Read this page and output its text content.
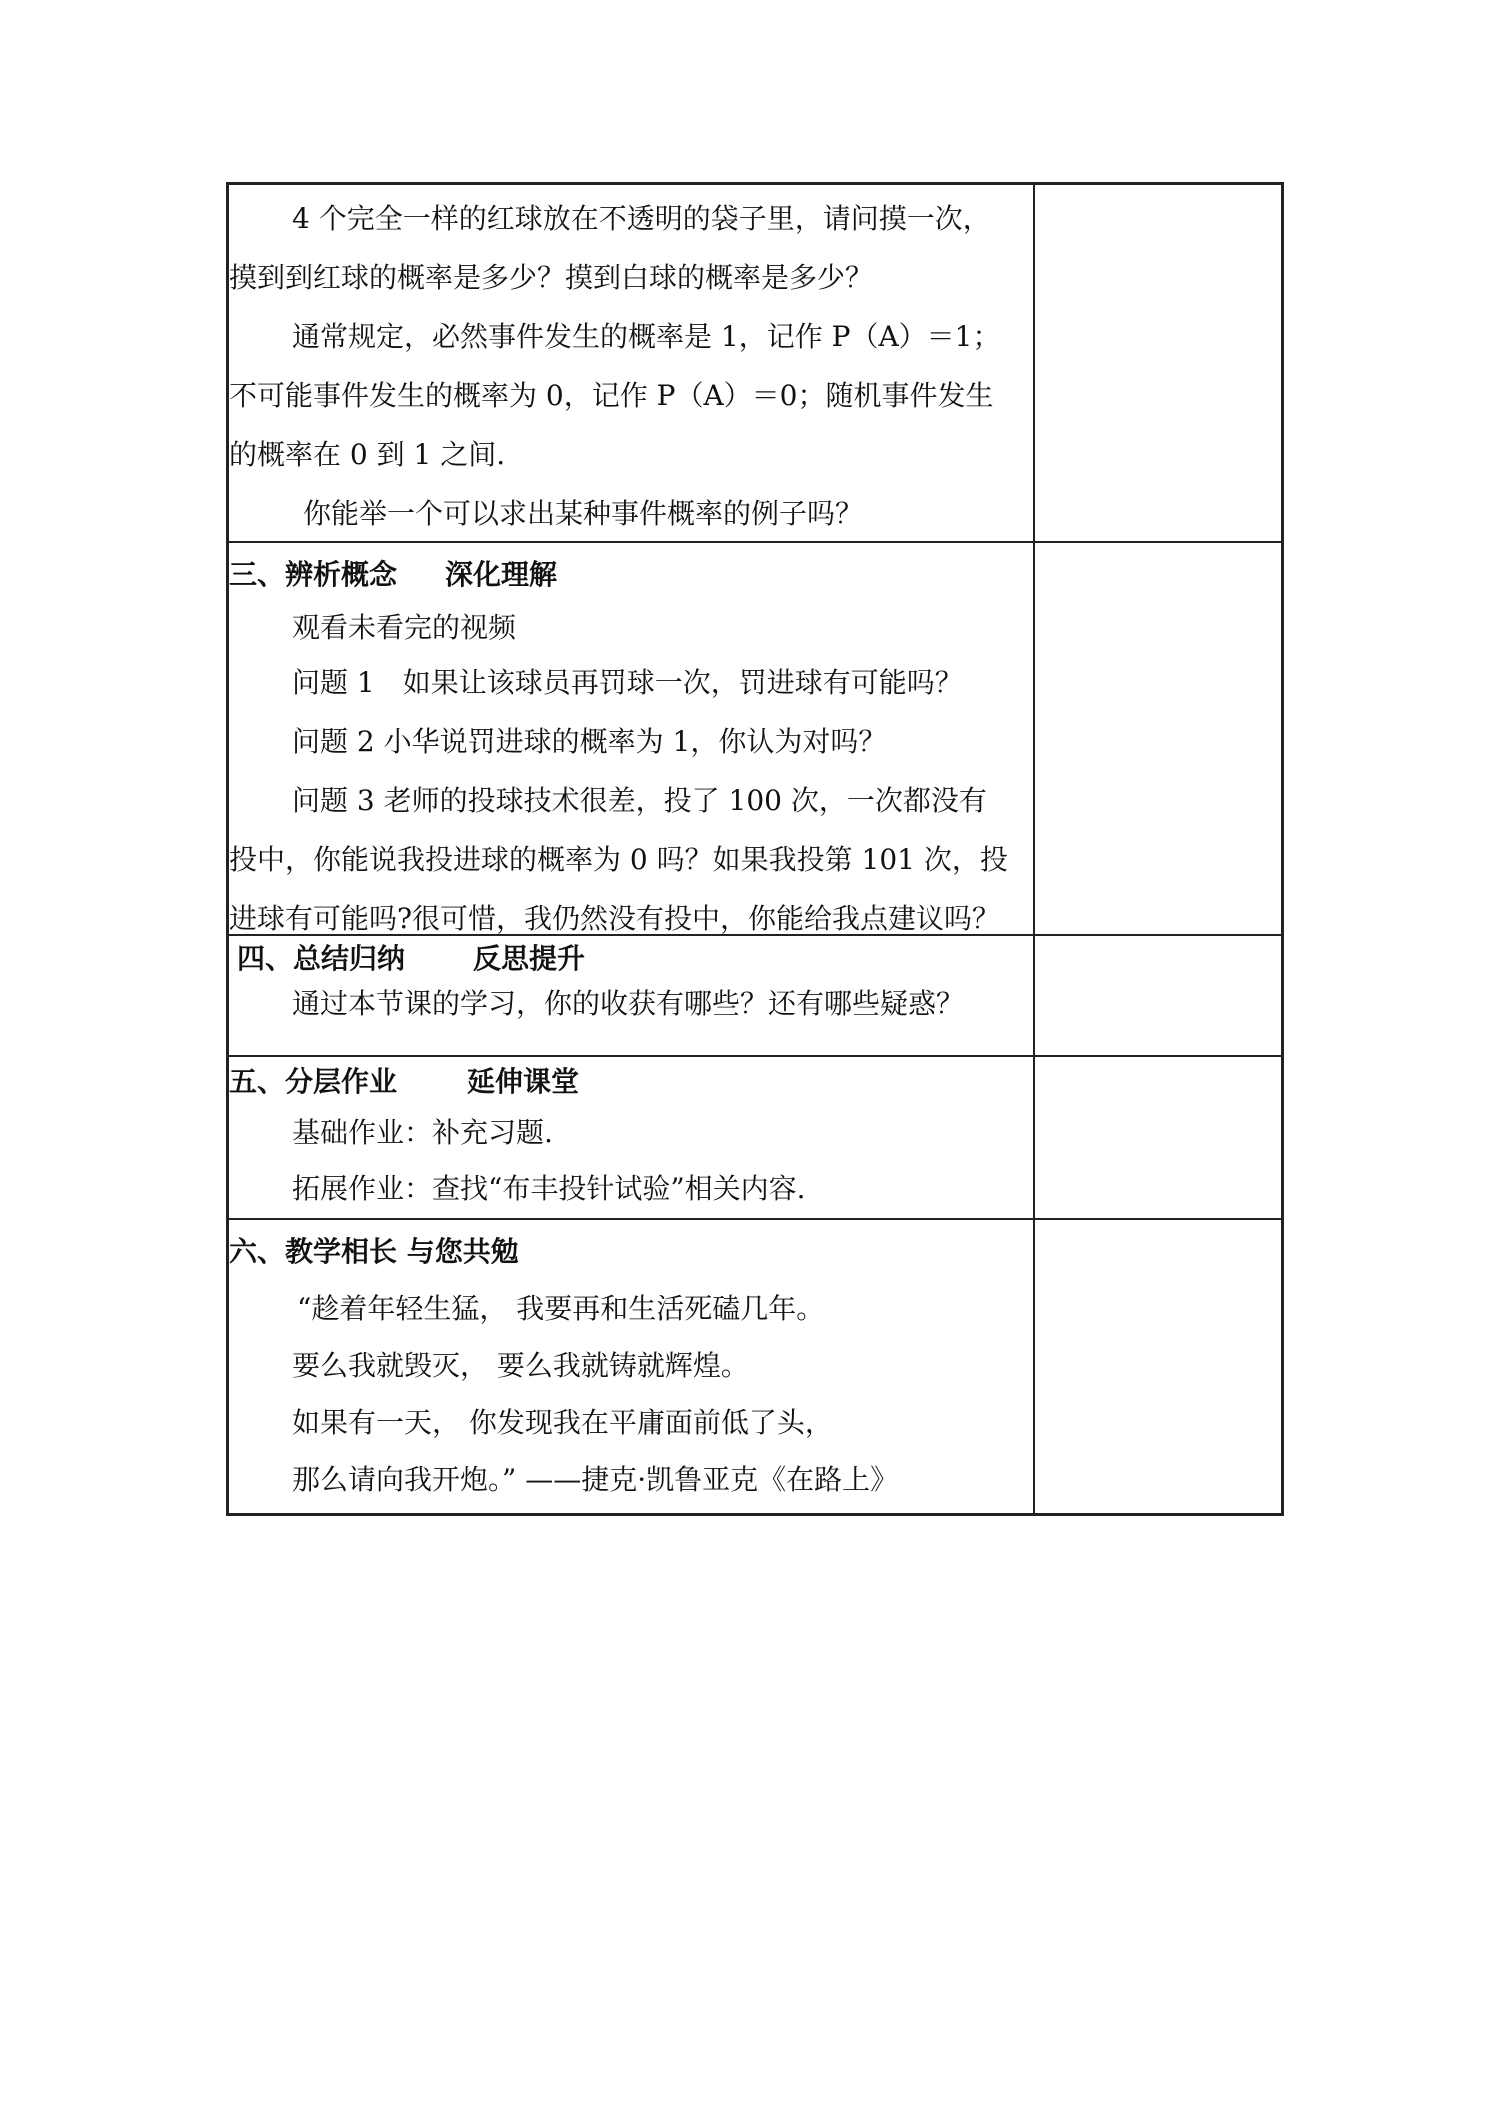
4 个完全一样的红球放在不透明的袋子里，请问摸一次，
摸到到红球的概率是多少？摸到白球的概率是多少？
通常规定，必然事件发生的概率是 1，记作 P（A）＝1；
不可能事件发生的概率为 0，记作 P（A）＝0；随机事件发生
的概率在 0 到 1 之间.
你能举一个可以求出某种事件概率的例子吗？
三、辨析概念 深化理解
观看未看完的视频
问题 1　如果让该球员再罚球一次，罚进球有可能吗？
问题 2 小华说罚进球的概率为 1，你认为对吗？
问题 3 老师的投球技术很差，投了 100 次，一次都没有
投中，你能说我投进球的概率为 0 吗？如果我投第 101 次，投
进球有可能吗?很可惜，我仍然没有投中，你能给我点建议吗？
四、总结归纳 反思提升
通过本节课的学习，你的收获有哪些？还有哪些疑惑？
五、分层作业	延伸课堂
基础作业：补充习题.
拓展作业：查找“布丰投针试验”相关内容.
六、教学相长 与您共勉
“趁着年轻生猛， 我要再和生活死磕几年。
要么我就毁灭， 要么我就铸就辉煌。
如果有一天， 你发现我在平庸面前低了头，
那么请向我开炮。” ——捷克·凯鲁亚克《在路上》
